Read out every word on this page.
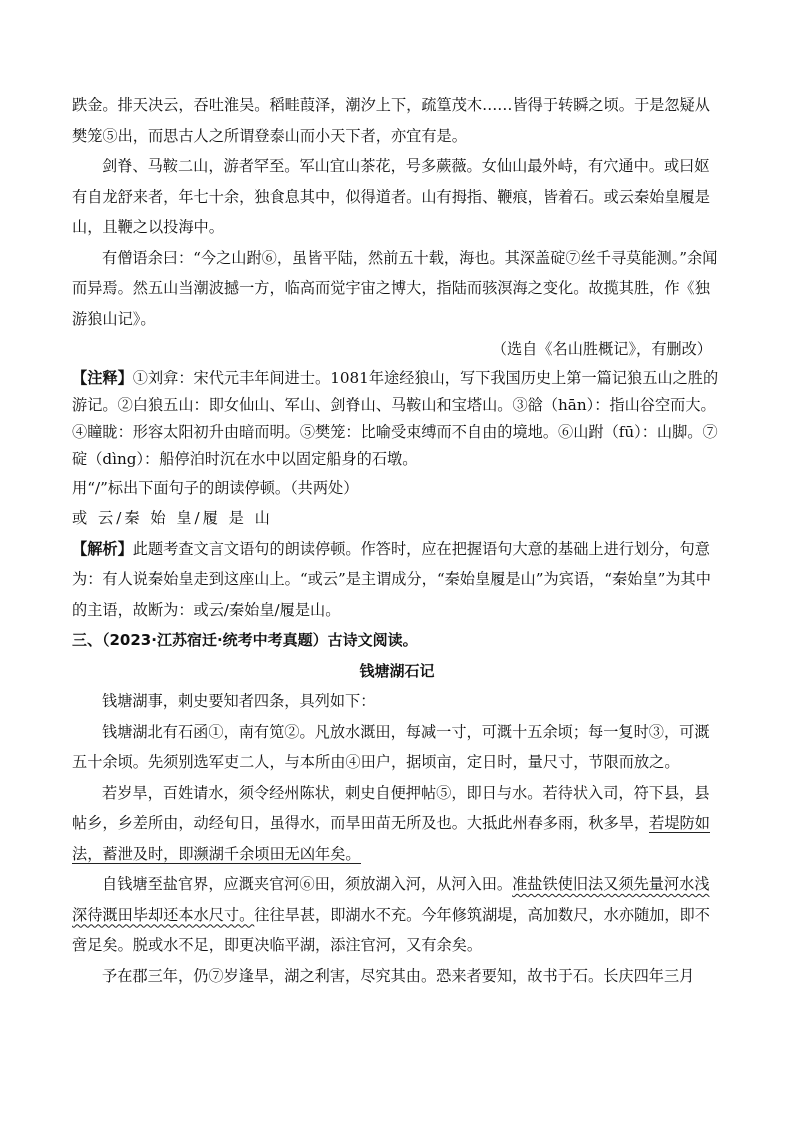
跌金。排天决云，吞吐淮吴。稻畦葭泽，潮汐上下，疏篁茂木……皆得于转瞬之顷。于是忽疑从樊笼⑤出，而思古人之所谓登泰山而小天下者，亦宜有是。

剑脊、马鞍二山，游者罕至。军山宜山茶花，号多蕨薇。女仙山最外峙，有穴通中。或曰妪有自龙舒来者，年七十余，独食息其中，似得道者。山有拇指、鞭痕，皆着石。或云秦始皇履是山，且鞭之以投海中。

有僧语余曰：“今之山跗⑥，虽皆平陆，然前五十载，海也。其深盖碇⑦丝千寻莫能测。”余闻而异焉。然五山当潮波撼一方，临高而觉宇宙之博大，指陆而骇溟海之变化。故揽其胜，作《独游狼山记》。

（选自《名山胜概记》，有删改）

【注释】①刘弇：宋代元丰年间进士。1081年途经狼山，写下我国历史上第一篇记狼五山之胜的游记。②白狼五山：即女仙山、军山、剑脊山、马鞍山和宝塔山。③谽（hān）：指山谷空而大。④瞳眬：形容太阳初升由暗而明。⑤樊笼：比喻受束缚而不自由的境地。⑥山跗（fū）：山脚。⑦碇（dìng）：船停泊时沉在水中以固定船身的石墩。

用“/”标出下面句子的朗读停顿。（共两处）

或 云/秦 始 皇/履 是 山

【解析】此题考查文言文语句的朗读停顿。作答时，应在把握语句大意的基础上进行划分，句意为：有人说秦始皇走到这座山上。“或云”是主谓成分，“秦始皇履是山”为宾语，“秦始皇”为其中的主语，故断为：或云/秦始皇/履是山。

三、（2023·江苏宿迁·统考中考真题）古诗文阅读。

钱塘湖石记

钱塘湖事，刺史要知者四条，具列如下：

钱塘湖北有石函①，南有笕②。凡放水溉田，每减一寸，可溉十五余顷；每一复时③，可溉五十余顷。先须别选军吏二人，与本所由④田户，据顷亩，定日时，量尺寸，节限而放之。

若岁旱，百姓请水，须令经州陈状，刺史自便押帖⑤，即日与水。若待状入司，符下县，县帖乡，乡差所由，动经旬日，虽得水，而旱田苗无所及也。大抵此州春多雨，秋多旱，若堤防如法，蓄泄及时，即濒湖千余顷田无凶年矣。

自钱塘至盐官界，应溉夹官河⑥田，须放湖入河，从河入田。准盐铁使旧法又须先量河水浅深待溉田毕却还本水尺寸。往往旱甚，即湖水不充。今年修筑湖堤，高加数尺，水亦随加，即不啻足矣。脱或水不足，即更决临平湖，添注官河，又有余矣。

予在郡三年，仍⑦岁逢旱，湖之利害，尽究其由。恐来者要知，故书于石。长庆四年三月
